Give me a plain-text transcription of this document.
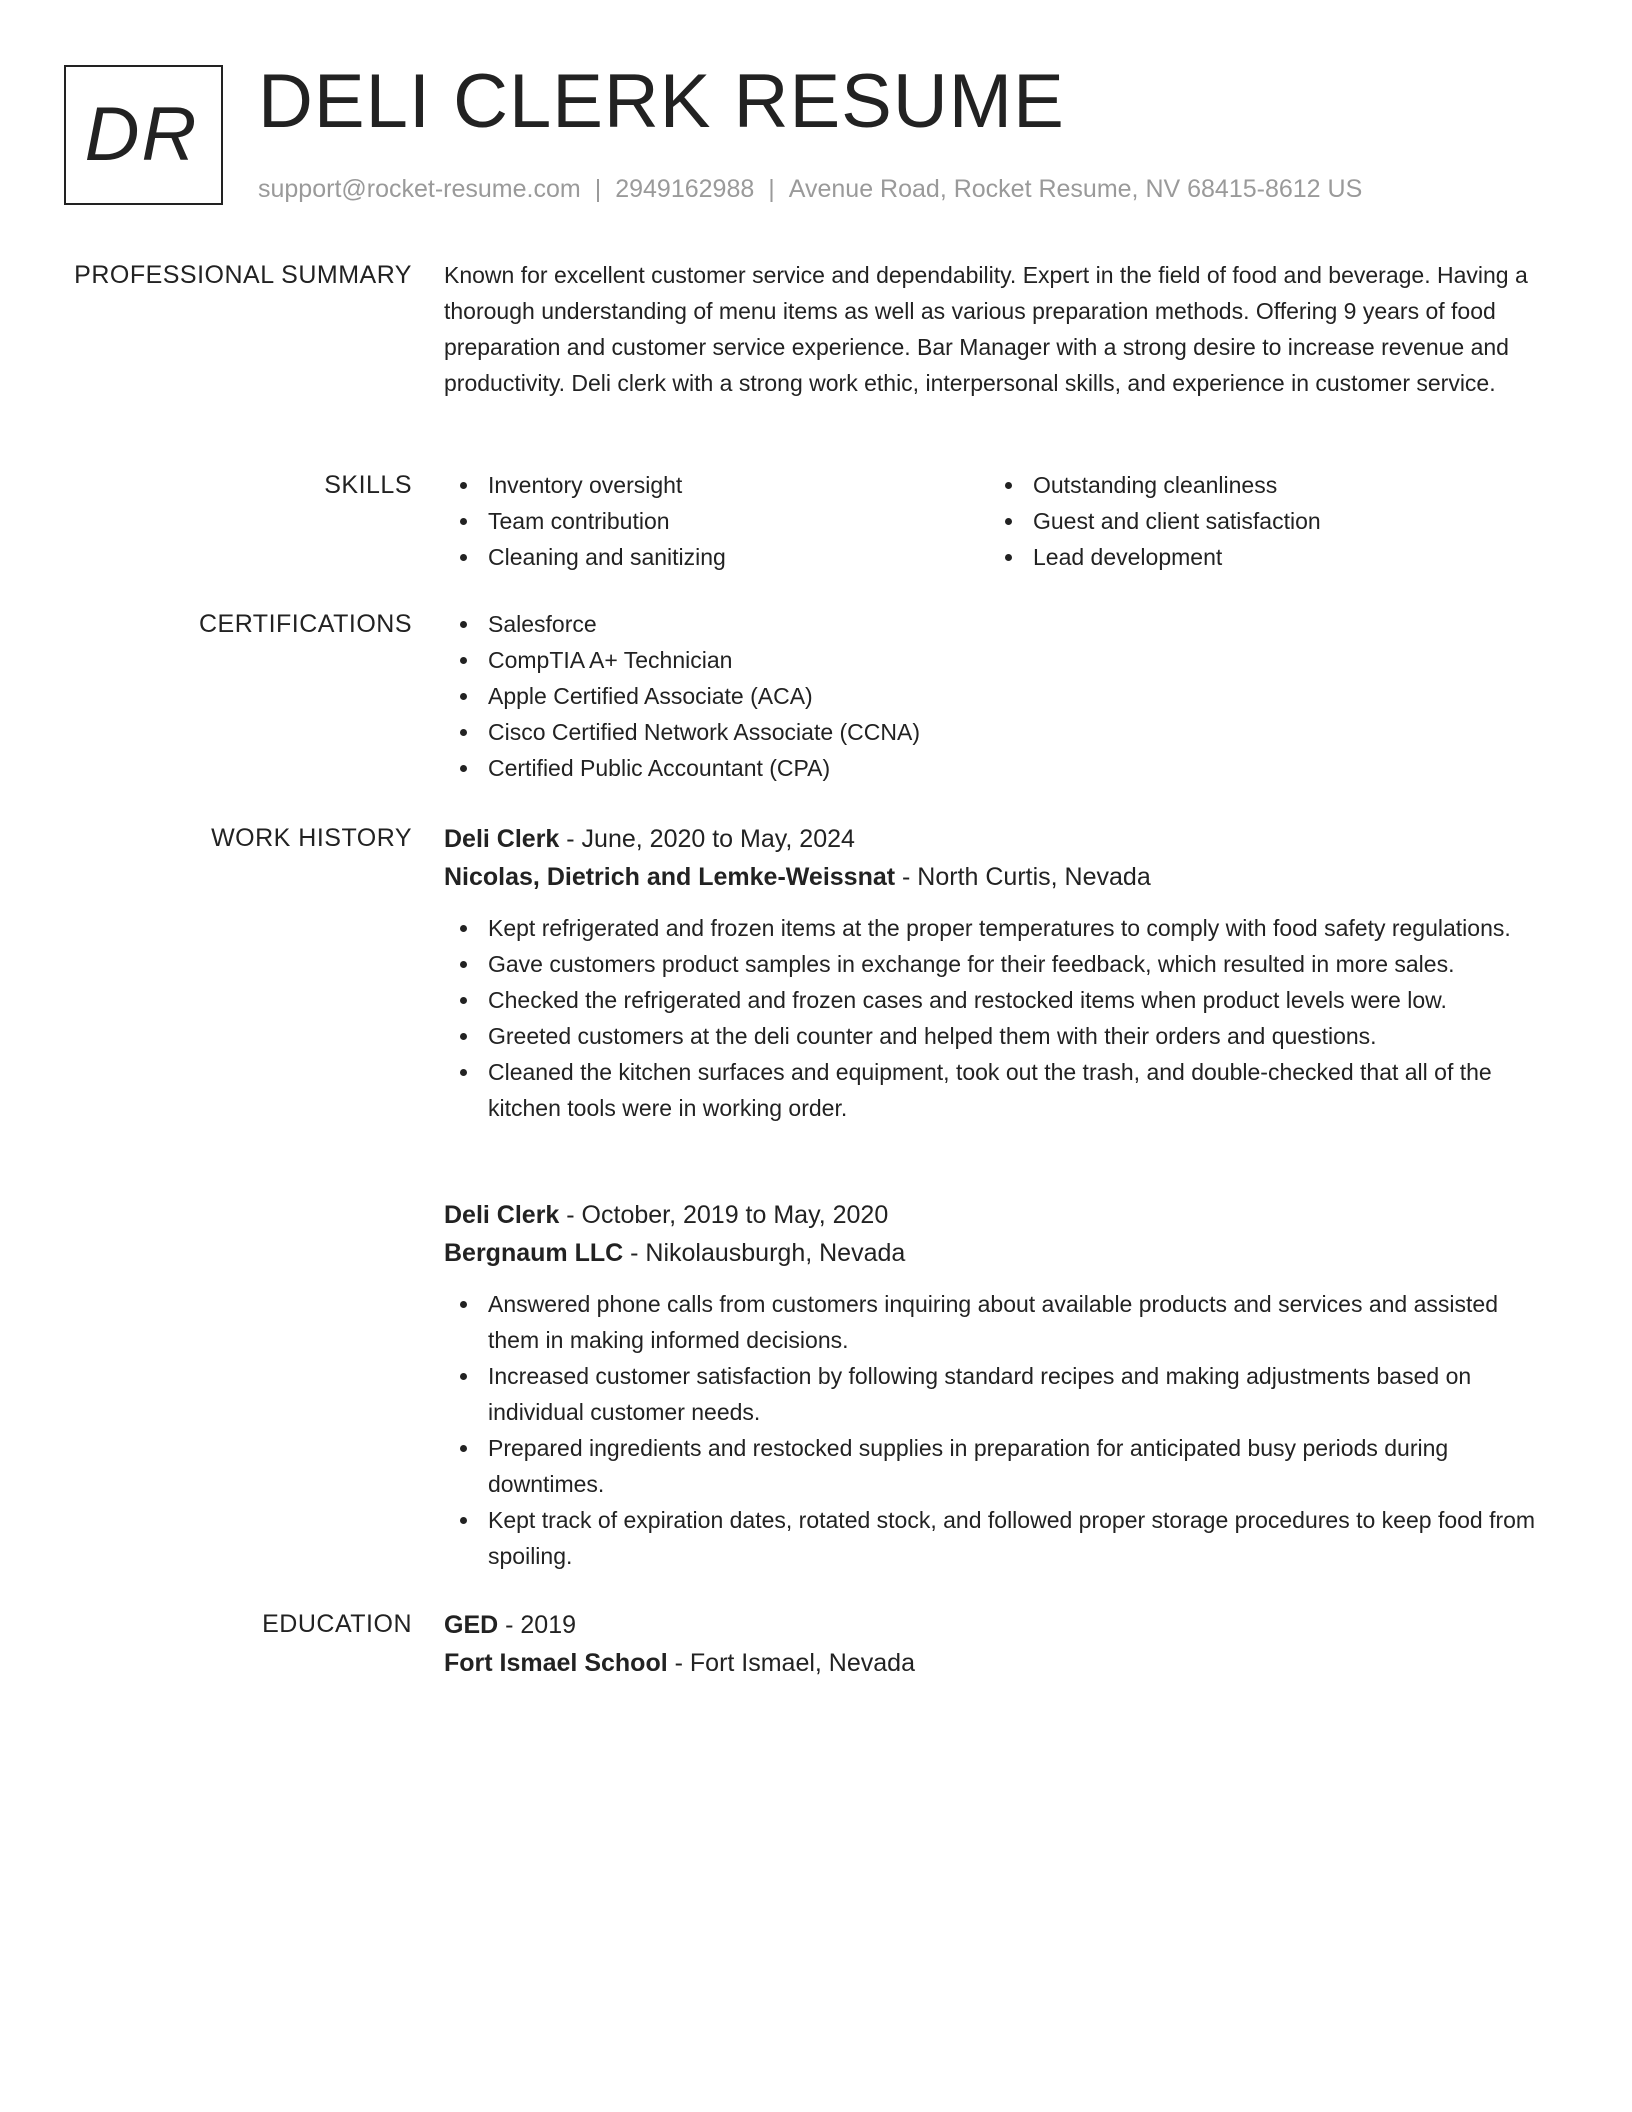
DR DELI CLERK RESUME
support@rocket-resume.com | 2949162988 | Avenue Road, Rocket Resume, NV 68415-8612 US
PROFESSIONAL SUMMARY Known for excellent customer service and dependability. Expert in the field of food and beverage. Having a thorough understanding of menu items as well as various preparation methods. Offering 9 years of food preparation and customer service experience. Bar Manager with a strong desire to increase revenue and productivity. Deli clerk with a strong work ethic, interpersonal skills, and experience in customer service.

SKILLS	Inventory oversight
Team contribution
Cleaning and sanitizing
Outstanding cleanliness
Guest and client satisfaction
Lead development
CERTIFICATIONS	Salesforce
CompTIA A+ Technician
Apple Certified Associate (ACA)
Cisco Certified Network Associate (CCNA)
Certified Public Accountant (CPA)
WORK HISTORY Deli Clerk - June, 2020 to May, 2024
Nicolas, Dietrich and Lemke-Weissnat - North Curtis, Nevada
Kept refrigerated and frozen items at the proper temperatures to comply with food safety regulations.
Gave customers product samples in exchange for their feedback, which resulted in more sales.
Checked the refrigerated and frozen cases and restocked items when product levels were low.
Greeted customers at the deli counter and helped them with their orders and questions.
Cleaned the kitchen surfaces and equipment, took out the trash, and double-checked that all of the kitchen tools were in working order.
Deli Clerk - October, 2019 to May, 2020
Bergnaum LLC - Nikolausburgh, Nevada
Answered phone calls from customers inquiring about available products and services and assisted them in making informed decisions.
Increased customer satisfaction by following standard recipes and making adjustments based on individual customer needs.
Prepared ingredients and restocked supplies in preparation for anticipated busy periods during downtimes.
Kept track of expiration dates, rotated stock, and followed proper storage procedures to keep food from spoiling.
EDUCATION GED - 2019
Fort Ismael School - Fort Ismael, Nevada
